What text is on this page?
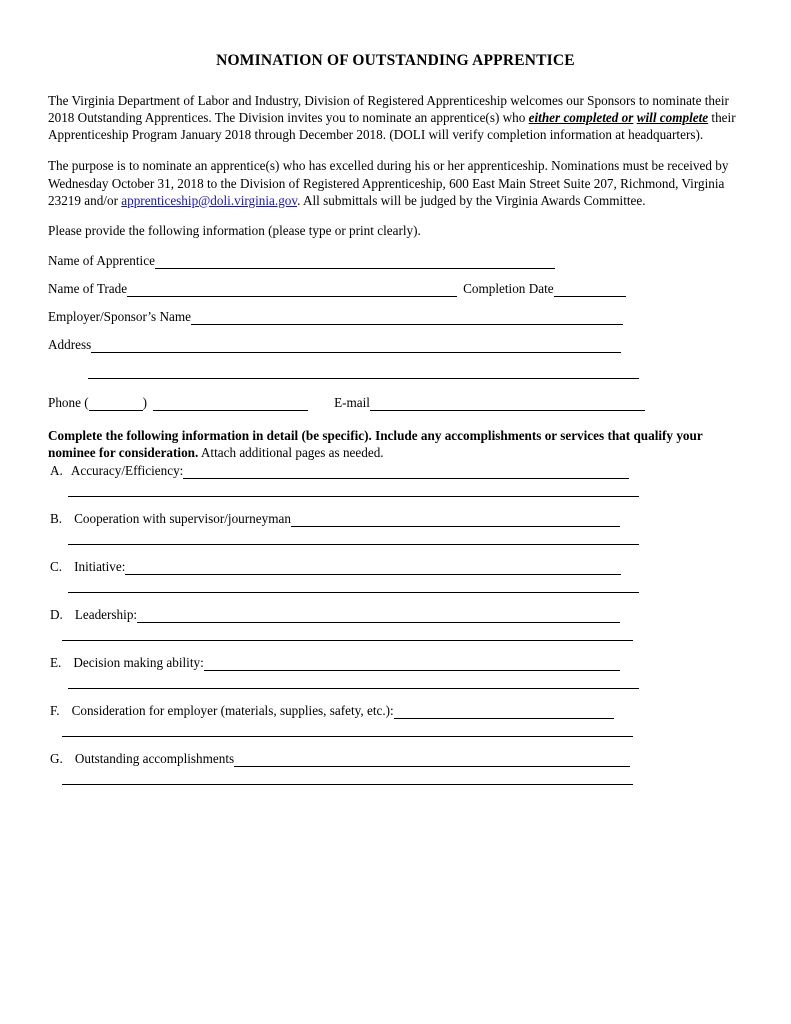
NOMINATION OF OUTSTANDING APPRENTICE

The Virginia Department of Labor and Industry, Division of Registered Apprenticeship welcomes our Sponsors to nominate their 2018 Outstanding Apprentices. The Division invites you to nominate an apprentice(s) who either completed or will complete their Apprenticeship Program January 2018 through December 2018. (DOLI will verify completion information at headquarters).

The purpose is to nominate an apprentice(s) who has excelled during his or her apprenticeship. Nominations must be received by Wednesday October 31, 2018 to the Division of Registered Apprenticeship, 600 East Main Street Suite 207, Richmond, Virginia 23219 and/or apprenticeship@doli.virginia.gov. All submittals will be judged by the Virginia Awards Committee.

Please provide the following information (please type or print clearly).

Name of Apprentice
Name of Trade	Completion Date
Employer/Sponsor’s Name
Address
Phone (	)	E-mail
Complete the following information in detail (be specific). Include any accomplishments or services that qualify your nominee for consideration. Attach additional pages as needed.
A. Accuracy/Efficiency:
B. Cooperation with supervisor/journeyman
C. Initiative:
D. Leadership:
E. Decision making ability:
F. Consideration for employer (materials, supplies, safety, etc.):
G. Outstanding accomplishments
